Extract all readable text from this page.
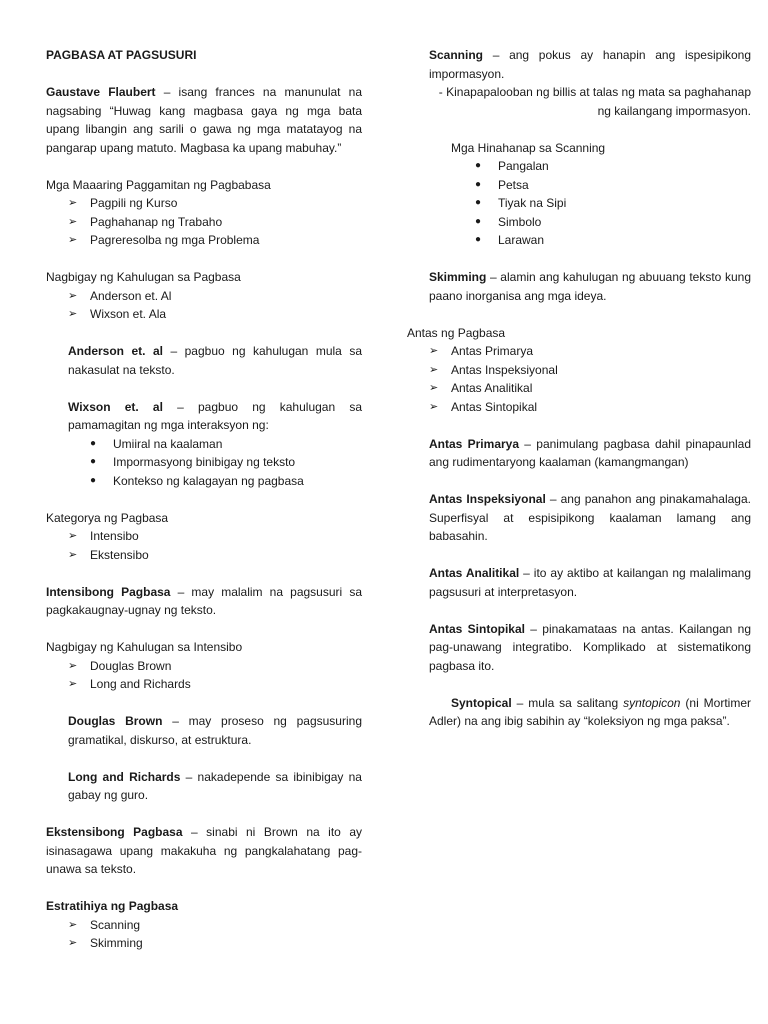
PAGBASA AT PAGSUSURI

Gaustave Flaubert – isang frances na manunulat na nagsabing “Huwag kang magbasa gaya ng mga bata upang libangin ang sarili o gawa ng mga matatayog na pangarap upang matuto. Magbasa ka upang mabuhay.”

Mga Maaaring Paggamitan ng Pagbabasa

➢ Pagpili ng Kurso
➢ Paghahanap ng Trabaho
➢ Pagreresolba ng mga Problema

Nagbigay ng Kahulugan sa Pagbasa

➢ Anderson et. Al
➢ Wixson et. Ala

Anderson et. al – pagbuo ng kahulugan mula sa nakasulat na teksto.

Wixson et. al – pagbuo ng kahulugan sa pamamagitan ng mga interaksyon ng:

● Umiiral na kaalaman
● Impormasyong binibigay ng teksto
● Kontekso ng kalagayan ng pagbasa

Kategorya ng Pagbasa

➢ Intensibo
➢ Ekstensibo

Intensibong Pagbasa – may malalim na pagsusuri sa pagkakaugnay-ugnay ng teksto.

Nagbigay ng Kahulugan sa Intensibo

➢ Douglas Brown
➢ Long and Richards

Douglas Brown – may proseso ng pagsusuring gramatikal, diskurso, at estruktura.

Long and Richards – nakadepende sa ibinibigay na gabay ng guro.

Ekstensibong Pagbasa – sinabi ni Brown na ito ay isinasagawa upang makakuha ng pangkalahatang pag-unawa sa teksto.

Estratihiya ng Pagbasa

➢ Scanning
➢ Skimming

Scanning – ang pokus ay hanapin ang ispesipikong impormasyon.

- Kinapapalooban ng billis at talas ng mata sa paghahanap ng kailangang impormasyon.

Mga Hinahanap sa Scanning

● Pangalan
● Petsa
● Tiyak na Sipi
● Simbolo
● Larawan

Skimming – alamin ang kahulugan ng abuuang teksto kung paano inorganisa ang mga ideya.

Antas ng Pagbasa

➢ Antas Primarya
➢ Antas Inspeksiyonal
➢ Antas Analitikal
➢ Antas Sintopikal

Antas Primarya – panimulang pagbasa dahil pinapaunlad ang rudimentaryong kaalaman (kamangmangan)

Antas Inspeksiyonal – ang panahon ang pinakamahalaga. Superfisyal at espisipikong kaalaman lamang ang babasahin.

Antas Analitikal – ito ay aktibo at kailangan ng malalimang pagsusuri at interpretasyon.

Antas Sintopikal – pinakamataas na antas. Kailangan ng pag-unawang integratibo. Komplikado at sistematikong pagbasa ito.

Syntopical – mula sa salitang syntopicon (ni Mortimer Adler) na ang ibig sabihin ay “koleksiyon ng mga paksa”.
